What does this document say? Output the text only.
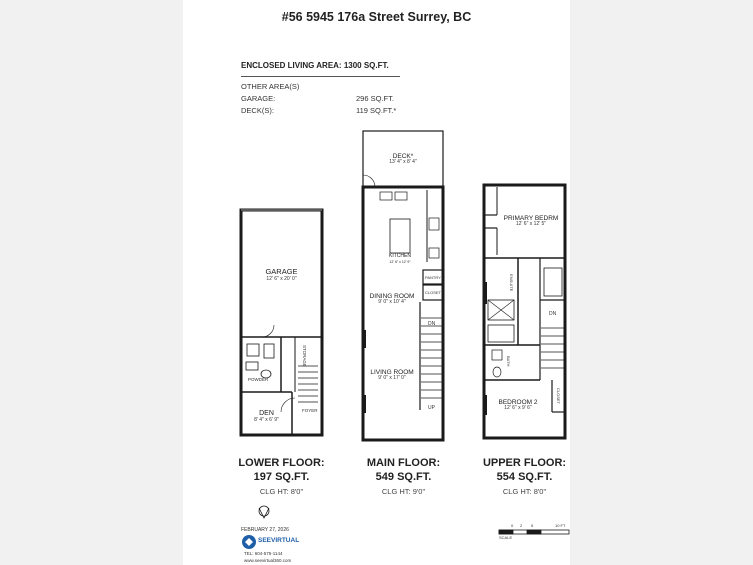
#56 5945 176a Street Surrey, BC
ENCLOSED LIVING AREA: 1300 SQ.FT.
OTHER AREA(S)
GARAGE:	296 SQ.FT.
DECK(S):	119 SQ.FT.*
GARAGE
12' 6" x 20' 0"
DEN
8' 4" x 6' 9"
POWDER
STORAGE
FOYER
DECK*
13' 4" x 8' 4"
KITCHEN
12' 6" x 12' 9"
PANTRY
CLOSET
DINING ROOM
9' 0" x 10' 4"
LIVING ROOM
9' 0" x 17' 0"
DN
UP
PRIMARY BEDRM
12' 6" x 12' 5"
ENSUITE
BATH
BEDROOM 2
12' 6" x 9' 6"
CLOSET
DN
LOWER FLOOR:
197 SQ.FT.
CLG HT: 8'0"
MAIN FLOOR:
549 SQ.FT.
CLG HT: 9'0"
UPPER FLOOR:
554 SQ.FT.
CLG HT: 8'0"
FEBRUARY 27, 2026
SEEVIRTUAL
TEL: 604-575-1144
www.seevirtual360.com
SCALE
0 2 5	10 FT
